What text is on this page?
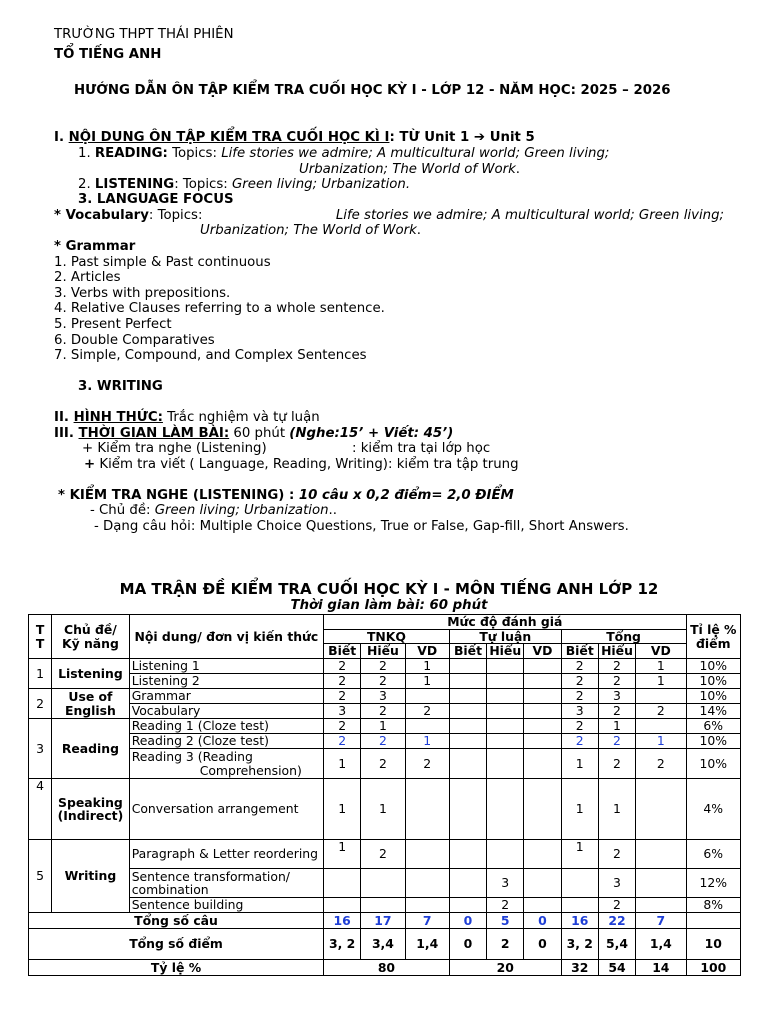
TRƯỜNG THPT THÁI PHIÊN
TỔ TIẾNG ANH
HƯỚNG DẪN ÔN TẬP KIỂM TRA CUỐI HỌC KỲ I - LỚP 12 - NĂM HỌC: 2025 – 2026
I. NỘI DUNG ÔN TẬP KIỂM TRA CUỐI HỌC KÌ I: TỪ Unit 1 ➔ Unit 5
1. READING: Topics: Life stories we admire; A multicultural world; Green living;
Urbanization; The World of Work.
2. LISTENING: Topics: Green living; Urbanization.
3. LANGUAGE FOCUS
* Vocabulary: Topics:	Life stories we admire; A multicultural world; Green living;
Urbanization; The World of Work.
* Grammar
1. Past simple & Past continuous
2. Articles
3. Verbs with prepositions.
4. Relative Clauses referring to a whole sentence.
5. Present Perfect
6. Double Comparatives
7. Simple, Compound, and Complex Sentences
3. WRITING
II. HÌNH THỨC: Trắc nghiệm và tự luận
III. THỜI GIAN LÀM BÀI: 60 phút (Nghe:15’ + Viết: 45’)
+ Kiểm tra nghe (Listening)	: kiểm tra tại lớp học
+ Kiểm tra viết ( Language, Reading, Writing): kiểm tra tập trung
* KIỂM TRA NGHE (LISTENING) : 10 câu x 0,2 điểm= 2,0 ĐIỂM
- Chủ đề: Green living; Urbanization..
- Dạng câu hỏi: Multiple Choice Questions, True or False, Gap-fill, Short Answers.
MA TRẬN ĐỀ KIỂM TRA CUỐI HỌC KỲ I - MÔN TIẾNG ANH LỚP 12
Thời gian làm bài: 60 phút
T T	Chủ đề/ Kỹ năng	Nội dung/ đơn vị kiến thức	Mức độ đánh giá									Tỉ lệ % điểm
			TNKQ			Tự luận			Tổng			
			Biết	Hiểu	VD	Biết	Hiểu	VD	Biết	Hiểu	VD	
1	Listening	Listening 1	2	2	1				2	2	1	10%
		Listening 2	2	2	1				2	2	1	10%
2	Use of English	Grammar	2	3					2	3		10%
		Vocabulary	3	2	2				3	2	2	14%
3	Reading	Reading 1 (Cloze test)	2	1					2	1		6%
		Reading 2 (Cloze test)	2	2	1				2	2	1	10%
		Reading 3 (Reading

Comprehension)	1	2	2				1	2	2	10%
4	Speaking (Indirect)	Conversation arrangement	1	1					1	1		4%
5	Writing	Paragraph & Letter reordering	1	2					1	2		6%
		Sentence transformation/ combination					3			3		12%
		Sentence building					2			2		8%
Tổng số câu			16	17	7	0	5	0	16	22	7	
Tổng số điểm			3, 2	3,4	1,4	0	2	0	3, 2	5,4	1,4	10
Tỷ lệ %			80			20			32	54	14	100
